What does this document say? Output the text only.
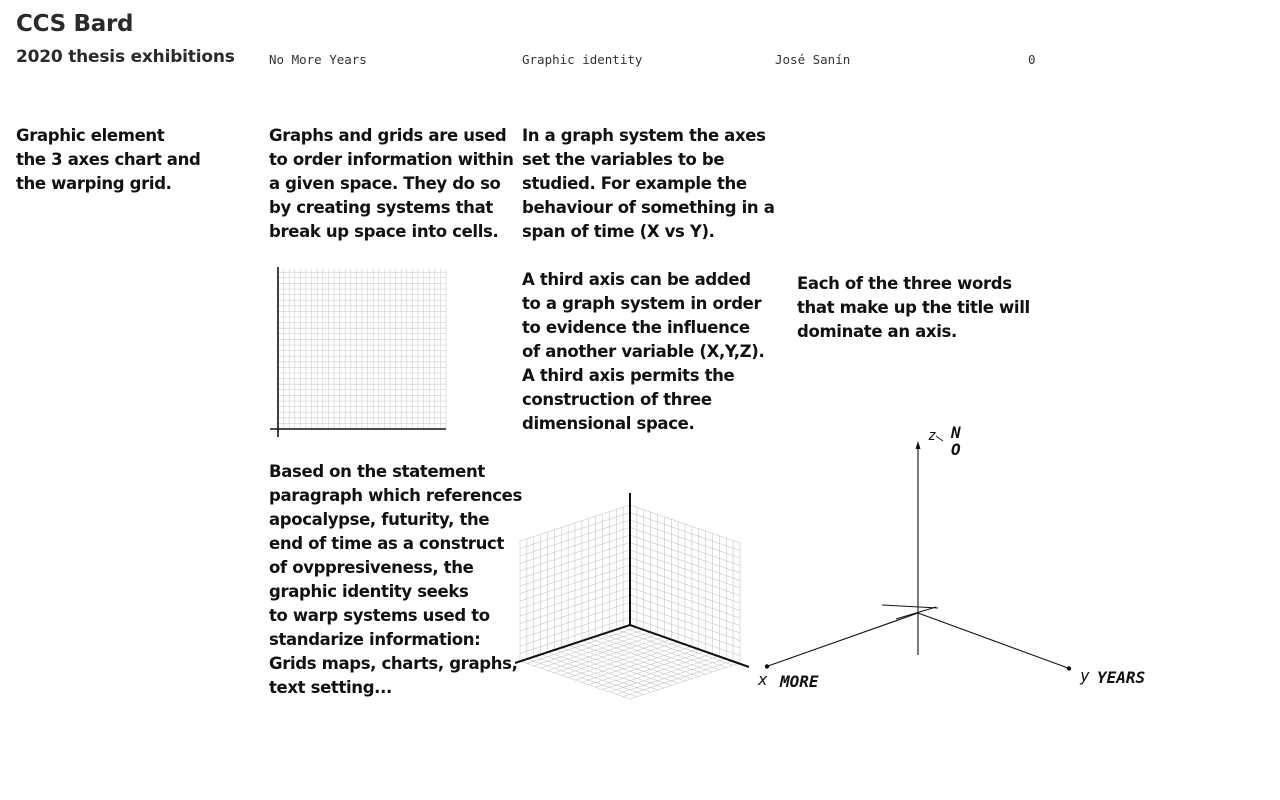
CCS Bard
2020 thesis exhibitions	No More Years	Graphic identity	José Sanín	0
Graphic element
the 3 axes chart and
the warping grid.
Graphs and grids are used
to order information within
a given space. They do so
by creating systems that
break up space into cells.
In a graph system the axes
set the variables to be
studied. For example the
behaviour of something in a
span of time (X vs Y).
A third axis can be added
to a graph system in order
to evidence the influence
of another variable (X,Y,Z).
A third axis permits the
construction of three
dimensional space.
Each of the three words
that make up the title will
dominate an axis.
Based on the statement
paragraph which references
apocalypse, futurity, the
end of time as a construct
of ovppresiveness, the
graphic identity seeks
to warp systems used to
standarize information:
Grids maps, charts, graphs,
text setting...
z N O
x MORE	y YEARS
